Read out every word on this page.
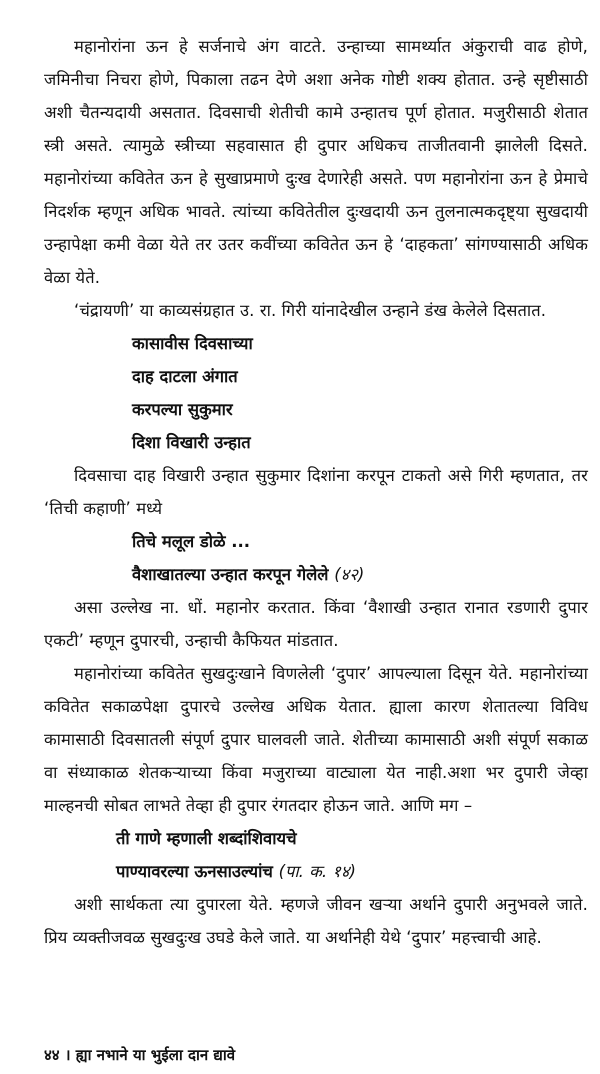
महानोरांना ऊन हे सर्जनाचे अंग वाटते. उन्हाच्या सामर्थ्यात अंकुराची वाढ होणे, जमिनीचा निचरा होणे, पिकाला तढन देणे अशा अनेक गोष्टी शक्य होतात. उन्हे सृष्टीसाठी अशी चैतन्यदायी असतात. दिवसाची शेतीची कामे उन्हातच पूर्ण होतात. मजुरीसाठी शेतात स्त्री असते. त्यामुळे स्त्रीच्या सहवासात ही दुपार अधिकच ताजीतवानी झालेली दिसते. महानोरांच्या कवितेत ऊन हे सुखाप्रमाणे दुःख देणारेही असते. पण महानोरांना ऊन हे प्रेमाचे निदर्शक म्हणून अधिक भावते. त्यांच्या कवितेतील दुःखदायी ऊन तुलनात्मकदृष्ट्या सुखदायी उन्हापेक्षा कमी वेळा येते तर उतर कवींच्या कवितेत ऊन हे ‘दाहकता’ सांगण्यासाठी अधिक वेळा येते.

‘चंद्रायणी’ या काव्यसंग्रहात उ. रा. गिरी यांनादेखील उन्हाने डंख केलेले दिसतात.

कासावीस दिवसाच्या

दाह दाटला अंगात

करपल्या सुकुमार

दिशा विखारी उन्हात

दिवसाचा दाह विखारी उन्हात सुकुमार दिशांना करपून टाकतो असे गिरी म्हणतात, तर ‘तिची कहाणी’ मध्ये

तिचे मलूल डोळे ...

वैशाखातल्या उन्हात करपून गेलेले (४२)

असा उल्लेख ना. धों. महानोर करतात. किंवा ‘वैशाखी उन्हात रानात रडणारी दुपार एकटी’ म्हणून दुपारची, उन्हाची कैफियत मांडतात.

महानोरांच्या कवितेत सुखदुःखाने विणलेली ‘दुपार’ आपल्याला दिसून येते. महानोरांच्या कवितेत सकाळपेक्षा दुपारचे उल्लेख अधिक येतात. ह्याला कारण शेतातल्या विविध कामासाठी दिवसातली संपूर्ण दुपार घालवली जाते. शेतीच्या कामासाठी अशी संपूर्ण सकाळ वा संध्याकाळ शेतकऱ्याच्या किंवा मजुराच्या वाट्याला येत नाही.अशा भर दुपारी जेव्हा माल्हनची सोबत लाभते तेव्हा ही दुपार रंगतदार होऊन जाते. आणि मग –

ती गाणे म्हणाली शब्दांशिवायचे

पाण्यावरल्या ऊनसाउल्यांच (पा. क. १४)

अशी सार्थकता त्या दुपारला येते. म्हणजे जीवन खऱ्या अर्थाने दुपारी अनुभवले जाते. प्रिय व्यक्तीजवळ सुखदुःख उघडे केले जाते. या अर्थानेही येथे ‘दुपार’ महत्त्वाची आहे.

४४ । ह्या नभाने या भुईला दान द्यावे
